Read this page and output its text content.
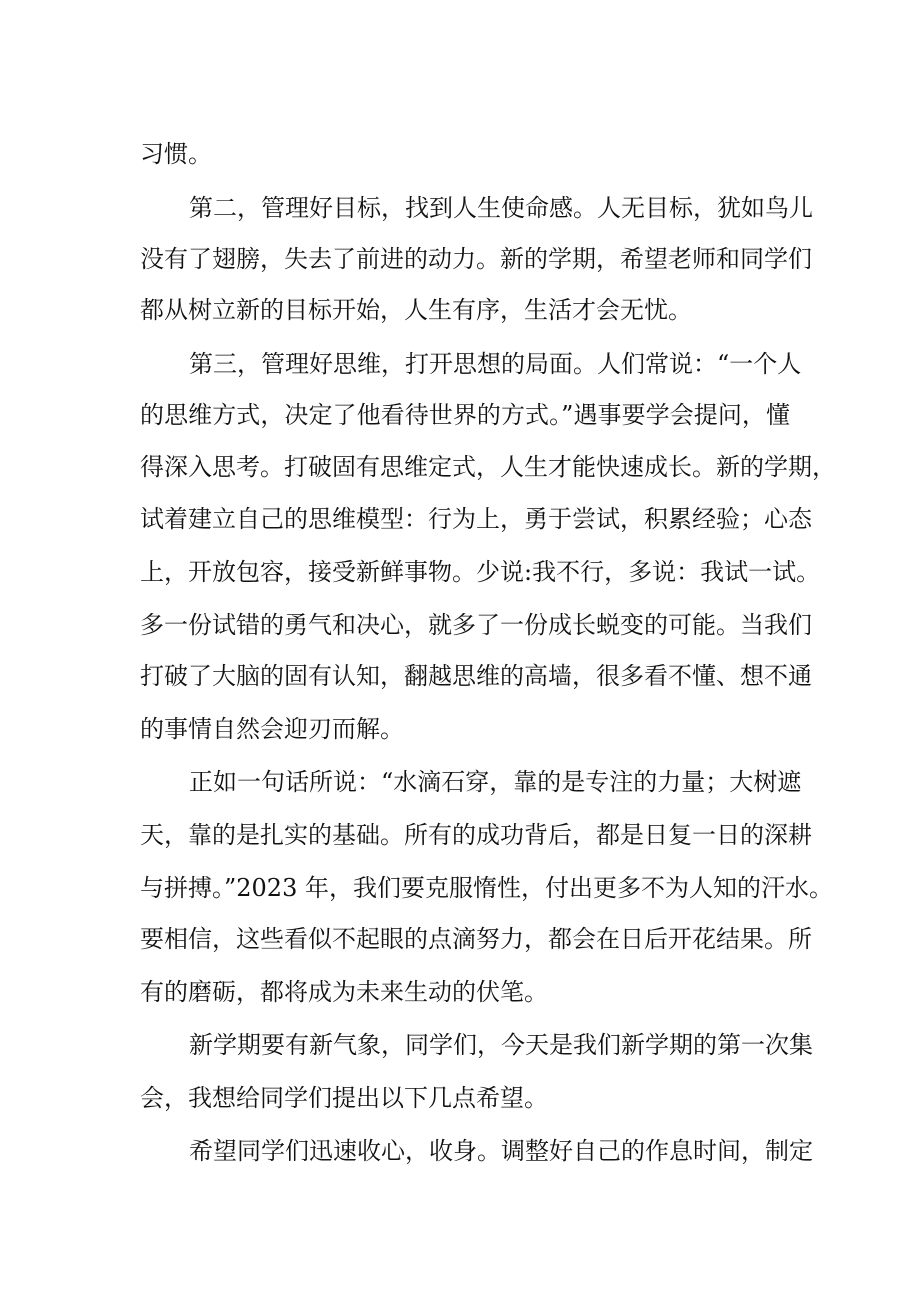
习惯。
第二，管理好目标，找到人生使命感。人无目标，犹如鸟儿
没有了翅膀，失去了前进的动力。新的学期，希望老师和同学们
都从树立新的目标开始，人生有序，生活才会无忧。
第三，管理好思维，打开思想的局面。人们常说：“一个人
的思维方式，决定了他看待世界的方式。”遇事要学会提问，懂
得深入思考。打破固有思维定式，人生才能快速成长。新的学期，
试着建立自己的思维模型：行为上，勇于尝试，积累经验；心态
上，开放包容，接受新鲜事物。少说:我不行，多说：我试一试。
多一份试错的勇气和决心，就多了一份成长蜕变的可能。当我们
打破了大脑的固有认知，翻越思维的高墙，很多看不懂、想不通
的事情自然会迎刃而解。
正如一句话所说：“水滴石穿，靠的是专注的力量；大树遮
天，靠的是扎实的基础。所有的成功背后，都是日复一日的深耕
与拼搏。”2023 年，我们要克服惰性，付出更多不为人知的汗水。
要相信，这些看似不起眼的点滴努力，都会在日后开花结果。所
有的磨砺，都将成为未来生动的伏笔。
新学期要有新气象，同学们，今天是我们新学期的第一次集
会，我想给同学们提出以下几点希望。
希望同学们迅速收心，收身。调整好自己的作息时间，制定
